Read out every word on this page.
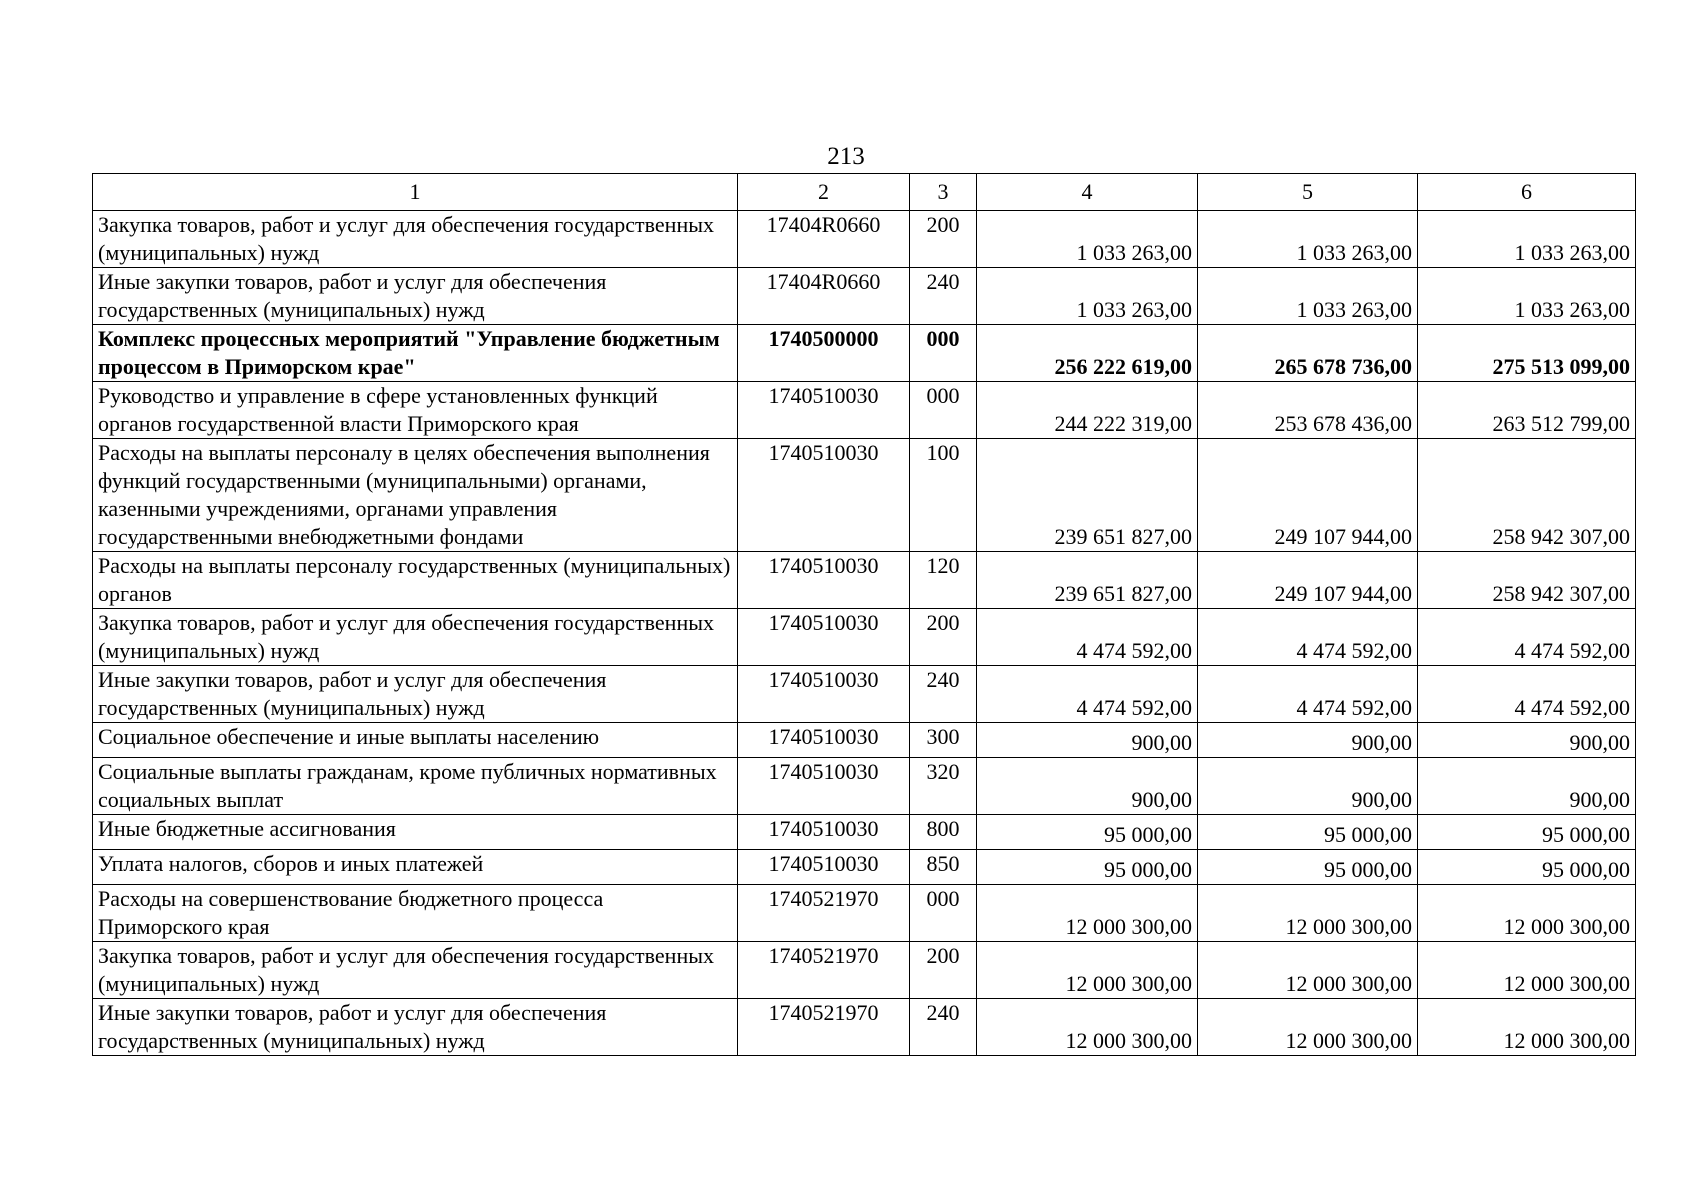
213
1	2	3	4	5	6
Закупка товаров, работ и услуг для обеспечения государственных (муниципальных) нужд	17404R0660	200	1 033 263,00	1 033 263,00	1 033 263,00
Иные закупки товаров, работ и услуг для обеспечения государственных (муниципальных) нужд	17404R0660	240	1 033 263,00	1 033 263,00	1 033 263,00
Комплекс процессных мероприятий "Управление бюджетным процессом в Приморском крае"	1740500000	000	256 222 619,00	265 678 736,00	275 513 099,00
Руководство и управление в сфере установленных функций органов государственной власти Приморского края	1740510030	000	244 222 319,00	253 678 436,00	263 512 799,00
Расходы на выплаты персоналу в целях обеспечения выполнения функций государственными (муниципальными) органами, казенными учреждениями, органами управления государственными внебюджетными фондами	1740510030	100	239 651 827,00	249 107 944,00	258 942 307,00
Расходы на выплаты персоналу государственных (муниципальных) органов	1740510030	120	239 651 827,00	249 107 944,00	258 942 307,00
Закупка товаров, работ и услуг для обеспечения государственных (муниципальных) нужд	1740510030	200	4 474 592,00	4 474 592,00	4 474 592,00
Иные закупки товаров, работ и услуг для обеспечения государственных (муниципальных) нужд	1740510030	240	4 474 592,00	4 474 592,00	4 474 592,00
Социальное обеспечение и иные выплаты населению	1740510030	300	900,00	900,00	900,00
Социальные выплаты гражданам, кроме публичных нормативных социальных выплат	1740510030	320	900,00	900,00	900,00
Иные бюджетные ассигнования	1740510030	800	95 000,00	95 000,00	95 000,00
Уплата налогов, сборов и иных платежей	1740510030	850	95 000,00	95 000,00	95 000,00
Расходы на совершенствование бюджетного процесса Приморского края	1740521970	000	12 000 300,00	12 000 300,00	12 000 300,00
Закупка товаров, работ и услуг для обеспечения государственных (муниципальных) нужд	1740521970	200	12 000 300,00	12 000 300,00	12 000 300,00
Иные закупки товаров, работ и услуг для обеспечения государственных (муниципальных) нужд	1740521970	240	12 000 300,00	12 000 300,00	12 000 300,00
